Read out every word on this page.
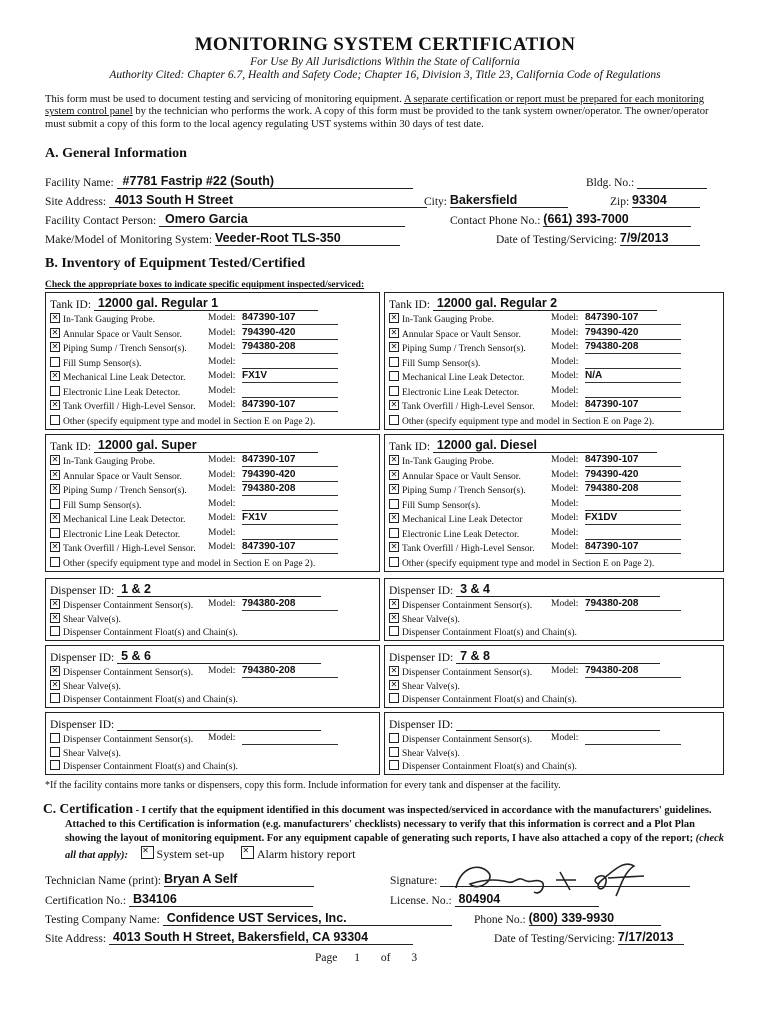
MONITORING SYSTEM CERTIFICATION
For Use By All Jurisdictions Within the State of California
Authority Cited: Chapter 6.7, Health and Safety Code; Chapter 16, Division 3, Title 23, California Code of Regulations
This form must be used to document testing and servicing of monitoring equipment. A separate certification or report must be prepared for each monitoring system control panel by the technician who performs the work. A copy of this form must be provided to the tank system owner/operator. The owner/operator must submit a copy of this form to the local agency regulating UST systems within 30 days of test date.
A. General Information
Facility Name: #7781 Fastrip #22 (South)	Bldg. No.:
Site Address: 4013 South H Street	City: Bakersfield	Zip: 93304
Facility Contact Person: Omero Garcia	Contact Phone No.: (661) 393-7000
Make/Model of Monitoring System: Veeder-Root TLS-350	Date of Testing/Servicing: 7/9/2013
B. Inventory of Equipment Tested/Certified
Check the appropriate boxes to indicate specific equipment inspected/serviced:
Tank ID: 12000 gal. Regular 1
✕In-Tank Gauging Probe.	Model: 847390-107
✕Annular Space or Vault Sensor.	Model: 794390-420
✕Piping Sump / Trench Sensor(s). Model: 794380-208
Fill Sump Sensor(s).	Model:
✕Mechanical Line Leak Detector. Model: FX1V
Electronic Line Leak Detector.	Model:
✕Tank Overfill / High-Level Sensor. Model: 847390-107
Other (specify equipment type and model in Section E on Page 2).
Tank ID: 12000 gal. Regular 2
✕In-Tank Gauging Probe.	Model: 847390-107
✕Annular Space or Vault Sensor.	Model: 794390-420
✕Piping Sump / Trench Sensor(s).	Model: 794380-208
Fill Sump Sensor(s).	Model:
Mechanical Line Leak Detector.	Model: N/A
Electronic Line Leak Detector.	Model:
✕Tank Overfill / High-Level Sensor. Model: 847390-107
Other (specify equipment type and model in Section E on Page 2).
Tank ID: 12000 gal. Super
✕In-Tank Gauging Probe.	Model: 847390-107
✕Annular Space or Vault Sensor.	Model: 794390-420
✕Piping Sump / Trench Sensor(s). Model: 794380-208
Fill Sump Sensor(s).	Model:
✕Mechanical Line Leak Detector. Model: FX1V
Electronic Line Leak Detector.	Model:
✕Tank Overfill / High-Level Sensor. Model: 847390-107
Other (specify equipment type and model in Section E on Page 2).
Tank ID: 12000 gal. Diesel
✕In-Tank Gauging Probe.	Model: 847390-107
✕Annular Space or Vault Sensor.	Model: 794390-420
✕Piping Sump / Trench Sensor(s).	Model: 794380-208
Fill Sump Sensor(s).	Model:
✕Mechanical Line Leak Detector	Model: FX1DV
Electronic Line Leak Detector.	Model:
✕Tank Overfill / High-Level Sensor. Model: 847390-107
Other (specify equipment type and model in Section E on Page 2).
Dispenser ID: 1 & 2
✕Dispenser Containment Sensor(s). Model: 794380-208
✕Shear Valve(s).
Dispenser Containment Float(s) and Chain(s).
Dispenser ID: 3 & 4
✕Dispenser Containment Sensor(s). Model: 794380-208
✕Shear Valve(s).
Dispenser Containment Float(s) and Chain(s).
Dispenser ID: 5 & 6
✕Dispenser Containment Sensor(s). Model: 794380-208
✕Shear Valve(s).
Dispenser Containment Float(s) and Chain(s).
Dispenser ID: 7 & 8
✕Dispenser Containment Sensor(s). Model: 794380-208
✕Shear Valve(s).
Dispenser Containment Float(s) and Chain(s).
Dispenser ID:
Dispenser Containment Sensor(s). Model:
Shear Valve(s).
Dispenser Containment Float(s) and Chain(s).
Dispenser ID:
Dispenser Containment Sensor(s). Model:
Shear Valve(s).
Dispenser Containment Float(s) and Chain(s).
*If the facility contains more tanks or dispensers, copy this form. Include information for every tank and dispenser at the facility.
C. Certification - I certify that the equipment identified in this document was inspected/serviced in accordance with the manufacturers' guidelines. Attached to this Certification is information (e.g. manufacturers' checklists) necessary to verify that this information is correct and a Plot Plan showing the layout of monitoring equipment. For any equipment capable of generating such reports, I have also attached a copy of the report; (check all that apply): ✕ System set-up ✕	Alarm history report
Technician Name (print): Bryan A Self	Signature:
Certification No.: B34106	License. No.: 804904
Testing Company Name: Confidence UST Services, Inc.	Phone No.: (800) 339-9930
Site Address: 4013 South H Street, Bakersfield, CA 93304	Date of Testing/Servicing: 7/17/2013
Page 1 of 3
